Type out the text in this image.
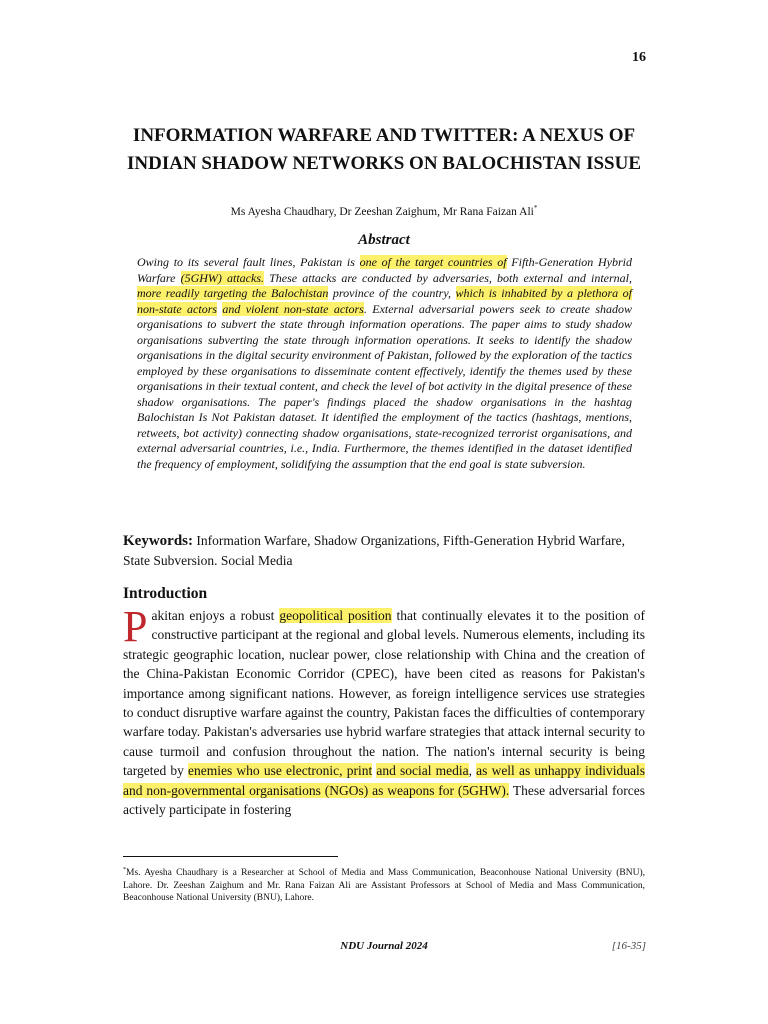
16
INFORMATION WARFARE AND TWITTER: A NEXUS OF INDIAN SHADOW NETWORKS ON BALOCHISTAN ISSUE
Ms Ayesha Chaudhary, Dr Zeeshan Zaighum, Mr Rana Faizan Ali*
Abstract
Owing to its several fault lines, Pakistan is one of the target countries of Fifth-Generation Hybrid Warfare (5GHW) attacks. These attacks are conducted by adversaries, both external and internal, more readily targeting the Balochistan province of the country, which is inhabited by a plethora of non-state actors and violent non-state actors. External adversarial powers seek to create shadow organisations to subvert the state through information operations. The paper aims to study shadow organisations subverting the state through information operations. It seeks to identify the shadow organisations in the digital security environment of Pakistan, followed by the exploration of the tactics employed by these organisations to disseminate content effectively, identify the themes used by these organisations in their textual content, and check the level of bot activity in the digital presence of these shadow organisations. The paper's findings placed the shadow organisations in the hashtag Balochistan Is Not Pakistan dataset. It identified the employment of the tactics (hashtags, mentions, retweets, bot activity) connecting shadow organisations, state-recognized terrorist organisations, and external adversarial countries, i.e., India. Furthermore, the themes identified in the dataset identified the frequency of employment, solidifying the assumption that the end goal is state subversion.
Keywords: Information Warfare, Shadow Organizations, Fifth-Generation Hybrid Warfare, State Subversion. Social Media
Introduction
Pakitan enjoys a robust geopolitical position that continually elevates it to the position of constructive participant at the regional and global levels. Numerous elements, including its strategic geographic location, nuclear power, close relationship with China and the creation of the China-Pakistan Economic Corridor (CPEC), have been cited as reasons for Pakistan's importance among significant nations. However, as foreign intelligence services use strategies to conduct disruptive warfare against the country, Pakistan faces the difficulties of contemporary warfare today. Pakistan's adversaries use hybrid warfare strategies that attack internal security to cause turmoil and confusion throughout the nation. The nation's internal security is being targeted by enemies who use electronic, print and social media, as well as unhappy individuals and non-governmental organisations (NGOs) as weapons for (5GHW). These adversarial forces actively participate in fostering
*Ms. Ayesha Chaudhary is a Researcher at School of Media and Mass Communication, Beaconhouse National University (BNU), Lahore. Dr. Zeeshan Zaighum and Mr. Rana Faizan Ali are Assistant Professors at School of Media and Mass Communication, Beaconhouse National University (BNU), Lahore.
NDU Journal 2024	[16-35]
